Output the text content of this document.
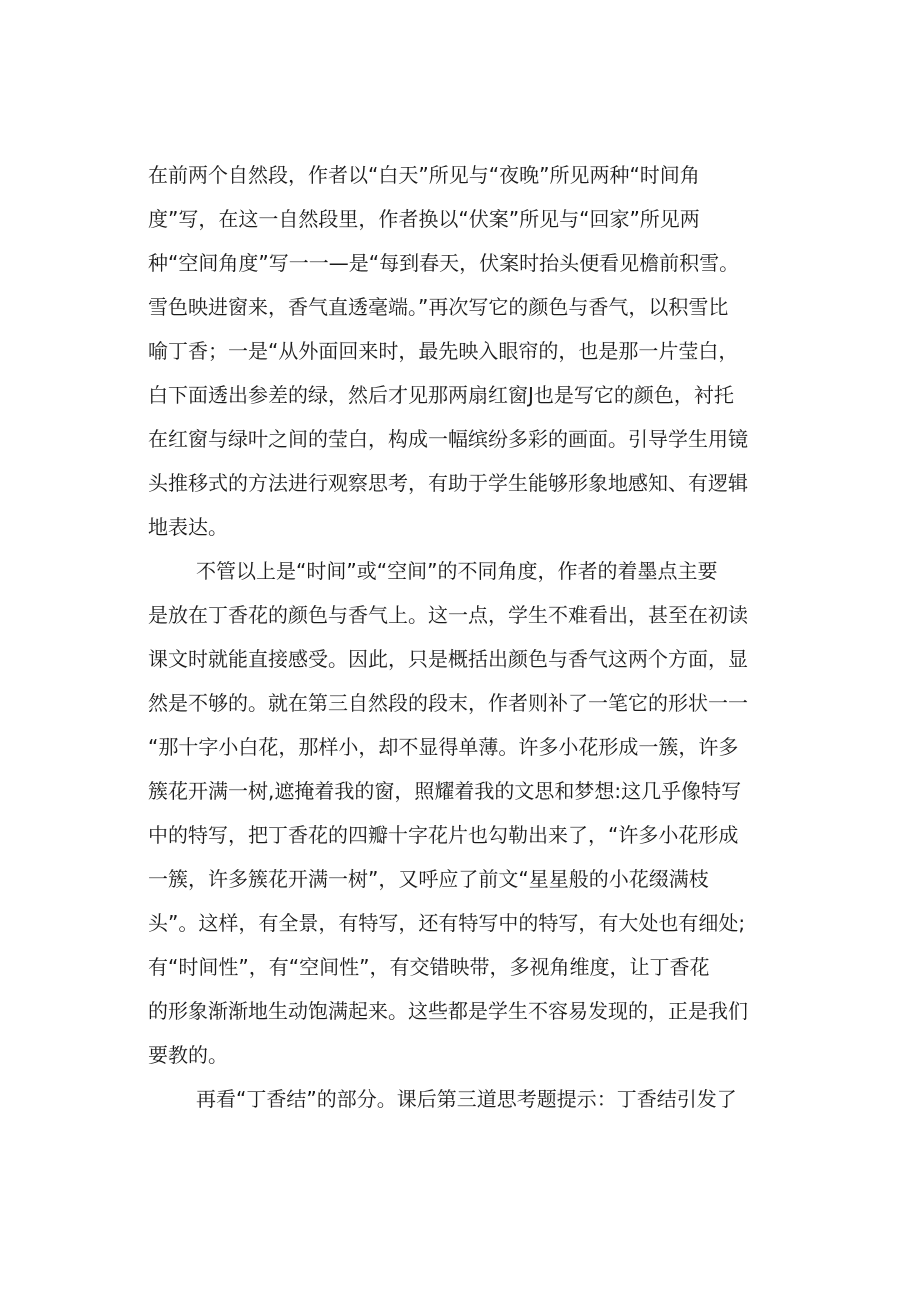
在前两个自然段，作者以“白天”所见与“夜晚”所见两种“时间角
度”写，在这一自然段里，作者换以“伏案”所见与“回家”所见两
种“空间角度”写一一—是“每到春天，伏案时抬头便看见檐前积雪。
雪色映进窗来，香气直透毫端。”再次写它的颜色与香气，以积雪比
喻丁香；一是“从外面回来时，最先映入眼帘的，也是那一片莹白，
白下面透出参差的绿，然后才见那两扇红窗J也是写它的颜色，衬托
在红窗与绿叶之间的莹白，构成一幅缤纷多彩的画面。引导学生用镜
头推移式的方法进行观察思考，有助于学生能够形象地感知、有逻辑
地表达。
不管以上是“时间”或“空间”的不同角度，作者的着墨点主要
是放在丁香花的颜色与香气上。这一点，学生不难看出，甚至在初读
课文时就能直接感受。因此，只是概括出颜色与香气这两个方面，显
然是不够的。就在第三自然段的段末，作者则补了一笔它的形状一一
“那十字小白花，那样小，却不显得单薄。许多小花形成一簇，许多
簇花开满一树,遮掩着我的窗，照耀着我的文思和梦想:这几乎像特写
中的特写，把丁香花的四瓣十字花片也勾勒出来了，“许多小花形成
一簇，许多簇花开满一树”，又呼应了前文“星星般的小花缀满枝
头”。这样，有全景，有特写，还有特写中的特写，有大处也有细处;
有“时间性”，有“空间性”，有交错映带，多视角维度，让丁香花
的形象渐渐地生动饱满起来。这些都是学生不容易发现的，正是我们
要教的。
再看“丁香结”的部分。课后第三道思考题提示：丁香结引发了
